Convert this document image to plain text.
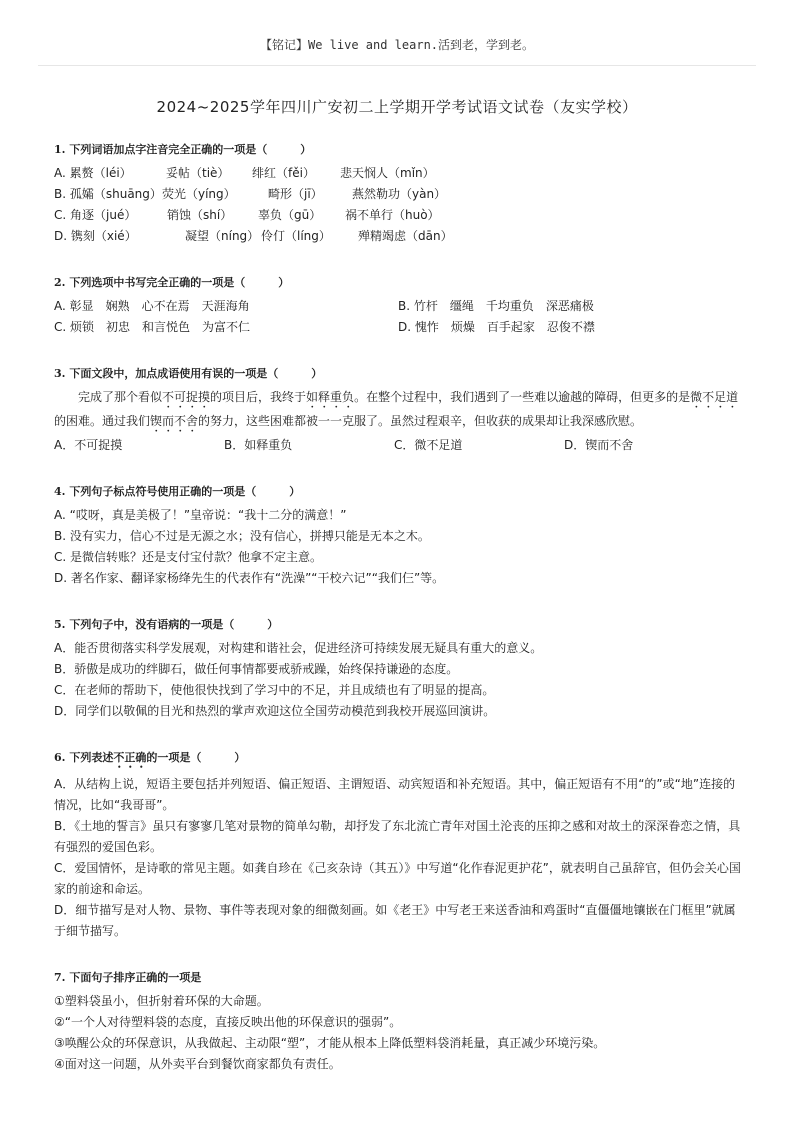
【铭记】We live and learn.活到老，学到老。
2024~2025学年四川广安初二上学期开学考试语文试卷（友实学校）
1. 下列词语加点字注音完全正确的一项是（　　　）
A. 累赘（léi）	妥帖（tiè）	绯红（fěi）	悲天悯人（mǐn）
B. 孤孀（shuāng） 荧光（yíng）	畸形（jī）	燕然勒功（yàn）
C. 角逐（jué）	销蚀（shí）	辜负（gū）	祸不单行（huò）
D. 镌刻（xié）	凝望（níng） 伶仃（líng）	殚精竭虑（dān）
2. 下列选项中书写完全正确的一项是（　　　）
A. 彰显　娴熟　心不在焉　天涯海角	B. 竹杆　缰绳　千均重负　深恶痛极
C. 烦锁　初忠　和言悦色　为富不仁	D. 愧怍　烦燥　百手起家　忍俊不襟
3. 下面文段中，加点成语使用有误的一项是（　　　）
完成了那个看似不可捉摸的项目后，我终于如释重负。在整个过程中，我们遇到了一些难以逾越的障碍，但更多的是微不足道的困难。通过我们锲而不舍的努力，这些困难都被一一克服了。虽然过程艰辛，但收获的成果却让我深感欣慰。
A．不可捉摸	B．如释重负	C．微不足道	D．锲而不舍
4. 下列句子标点符号使用正确的一项是（　　　）
A. “哎呀，真是美极了！”皇帝说：“我十二分的满意！”
B. 没有实力，信心不过是无源之水；没有信心，拼搏只能是无本之木。
C. 是微信转账？还是支付宝付款？他拿不定主意。
D. 著名作家、翻译家杨绛先生的代表作有“洗澡”“干校六记”“我们仨”等。
5. 下列句子中，没有语病的一项是（　　　）
A．能否贯彻落实科学发展观，对构建和谐社会，促进经济可持续发展无疑具有重大的意义。
B．骄傲是成功的绊脚石，做任何事情都要戒骄戒躁，始终保持谦逊的态度。
C．在老师的帮助下，使他很快找到了学习中的不足，并且成绩也有了明显的提高。
D．同学们以敬佩的目光和热烈的掌声欢迎这位全国劳动模范到我校开展巡回演讲。
6. 下列表述不正确的一项是（　　　）
A．从结构上说，短语主要包括并列短语、偏正短语、主谓短语、动宾短语和补充短语。其中，偏正短语有不用“的”或“地”连接的情况，比如“我哥哥”。
B．《土地的誓言》虽只有寥寥几笔对景物的简单勾勒，却抒发了东北流亡青年对国土沦丧的压抑之感和对故土的深深眷恋之情，具有强烈的爱国色彩。
C．爱国情怀，是诗歌的常见主题。如龚自珍在《己亥杂诗（其五）》中写道“化作春泥更护花”，就表明自己虽辞官，但仍会关心国家的前途和命运。
D．细节描写是对人物、景物、事件等表现对象的细微刻画。如《老王》中写老王来送香油和鸡蛋时“直僵僵地镶嵌在门框里”就属于细节描写。
7. 下面句子排序正确的一项是
①塑料袋虽小，但折射着环保的大命题。
②“一个人对待塑料袋的态度，直接反映出他的环保意识的强弱”。
③唤醒公众的环保意识，从我做起、主动限“塑”，才能从根本上降低塑料袋消耗量，真正减少环境污染。
④面对这一问题，从外卖平台到餐饮商家都负有责任。
